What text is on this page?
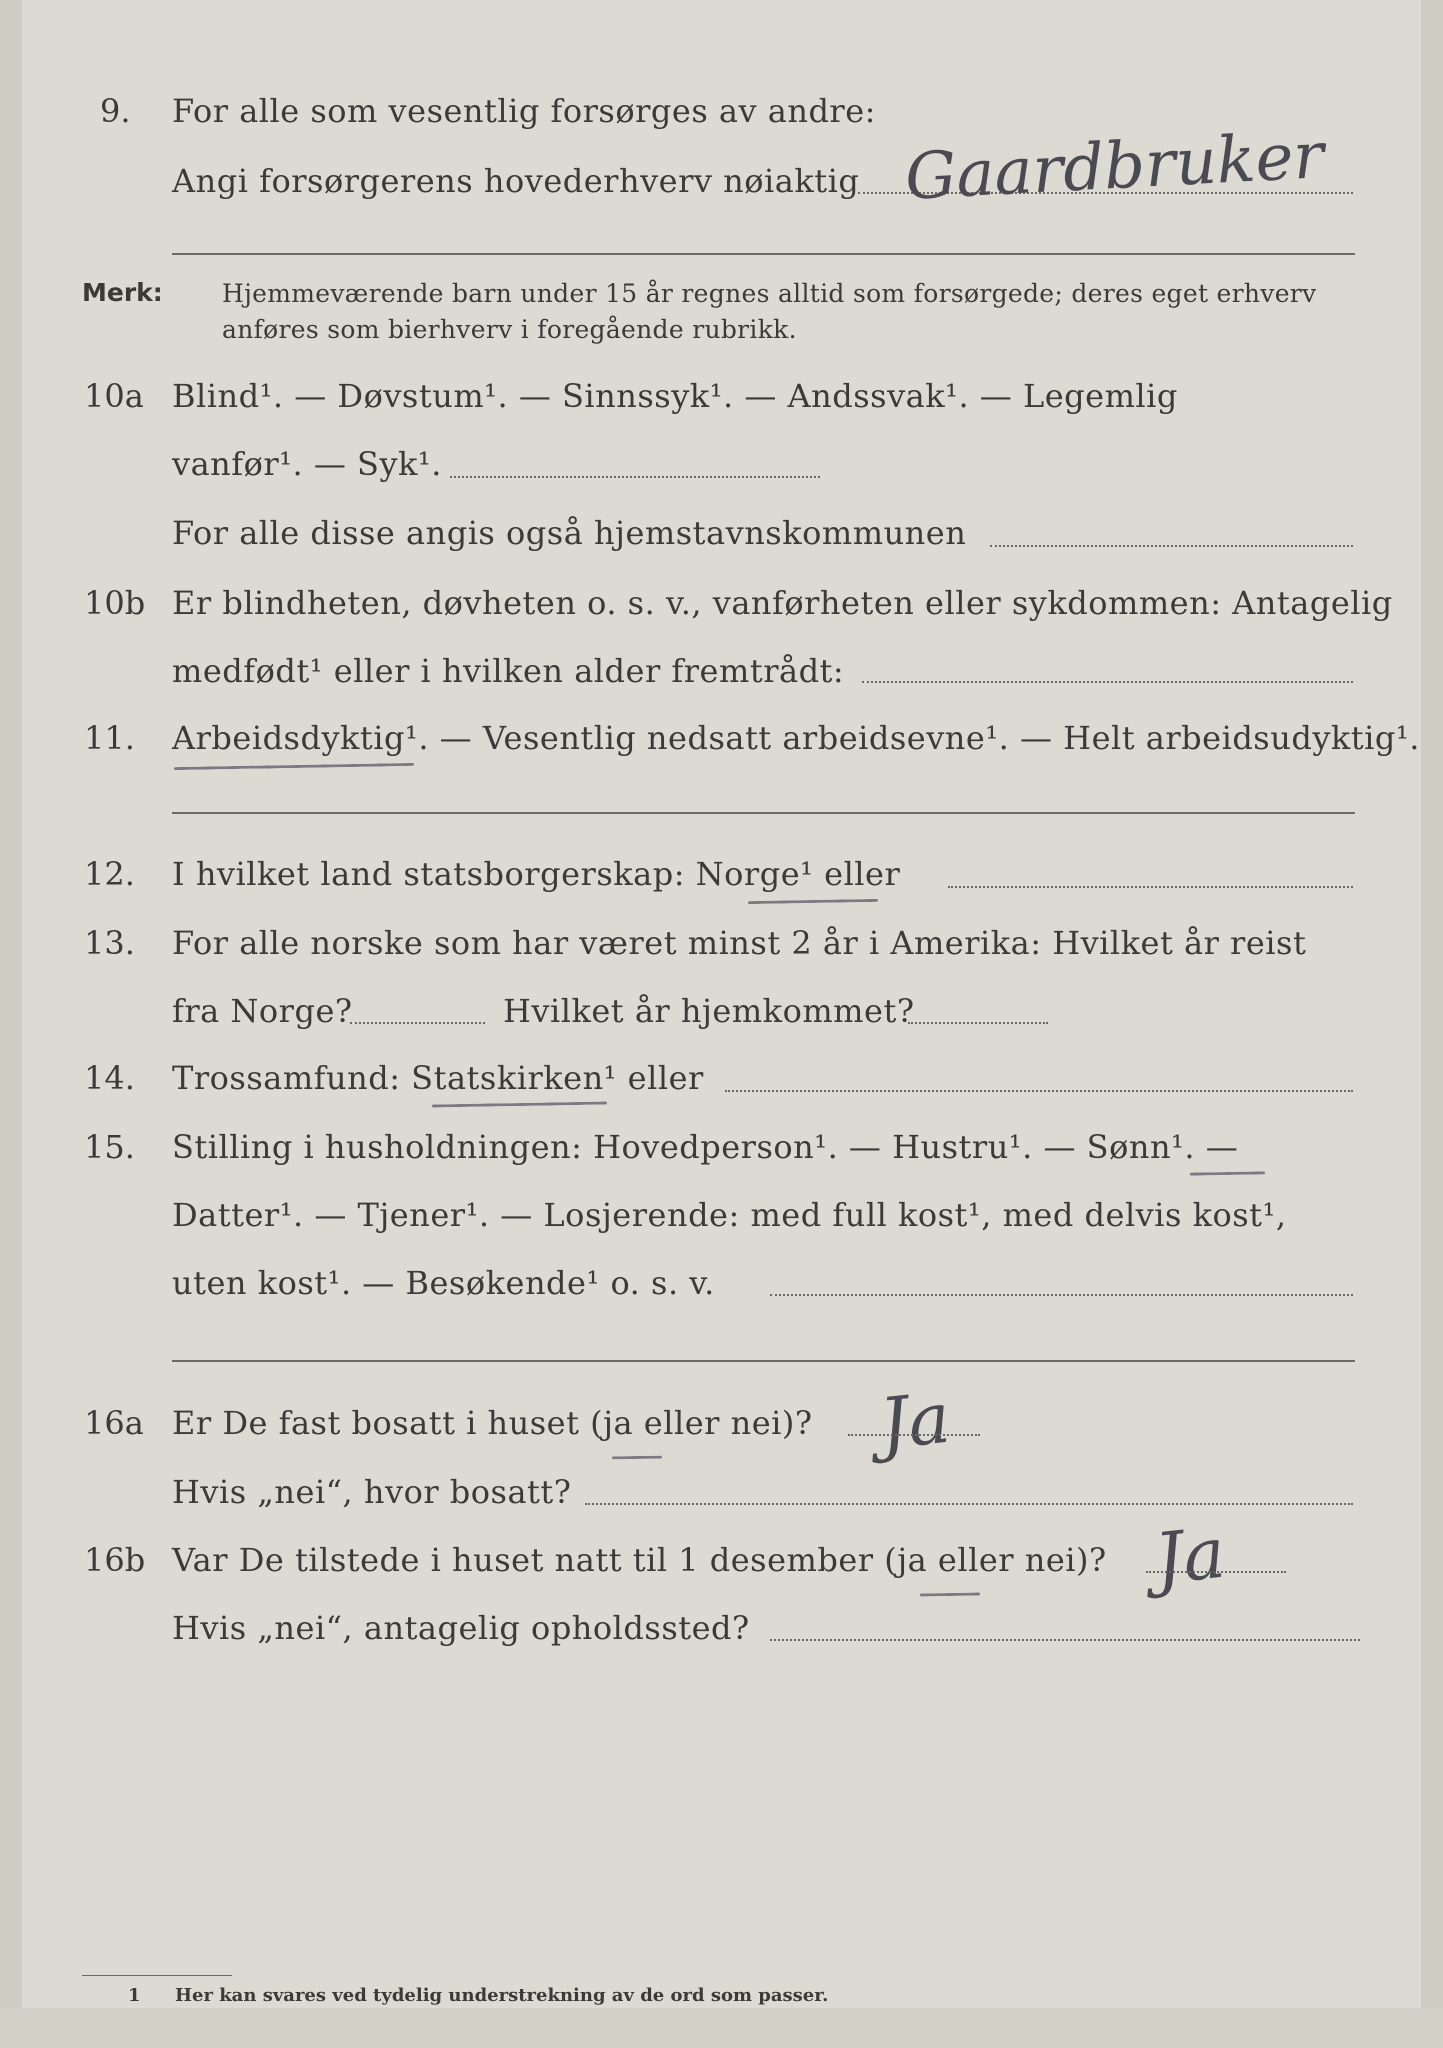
9. For alle som vesentlig forsørges av andre:
Angi forsørgerens hovederhverv nøiaktig Gaardbruker
Merk: Hjemmeværende barn under 15 år regnes alltid som forsørgede; deres eget erhverv
anføres som bierhverv i foregående rubrikk.
10a Blind¹. — Døvstum¹. — Sinnssyk¹. — Andssvak¹. — Legemlig
vanfør¹. — Syk¹.
For alle disse angis også hjemstavnskommunen
10b Er blindheten, døvheten o. s. v., vanførheten eller sykdommen: Antagelig
medfødt¹ eller i hvilken alder fremtrådt:
11. Arbeidsdyktig¹. — Vesentlig nedsatt arbeidsevne¹. — Helt arbeidsudyktig¹.
12. I hvilket land statsborgerskap: Norge¹ eller
13. For alle norske som har været minst 2 år i Amerika: Hvilket år reist
fra Norge?	Hvilket år hjemkommet?
14. Trossamfund: Statskirken¹ eller
15. Stilling i husholdningen: Hovedperson¹. — Hustru¹. — Sønn¹. —
Datter¹. — Tjener¹. — Losjerende: med full kost¹, med delvis kost¹,
uten kost¹. — Besøkende¹ o. s. v.
16a Er De fast bosatt i huset (ja eller nei)? Ja
Hvis „nei“, hvor bosatt?
16b Var De tilstede i huset natt til 1 desember (ja eller nei)? Ja
Hvis „nei“, antagelig opholdssted?
1 Her kan svares ved tydelig understrekning av de ord som passer.
